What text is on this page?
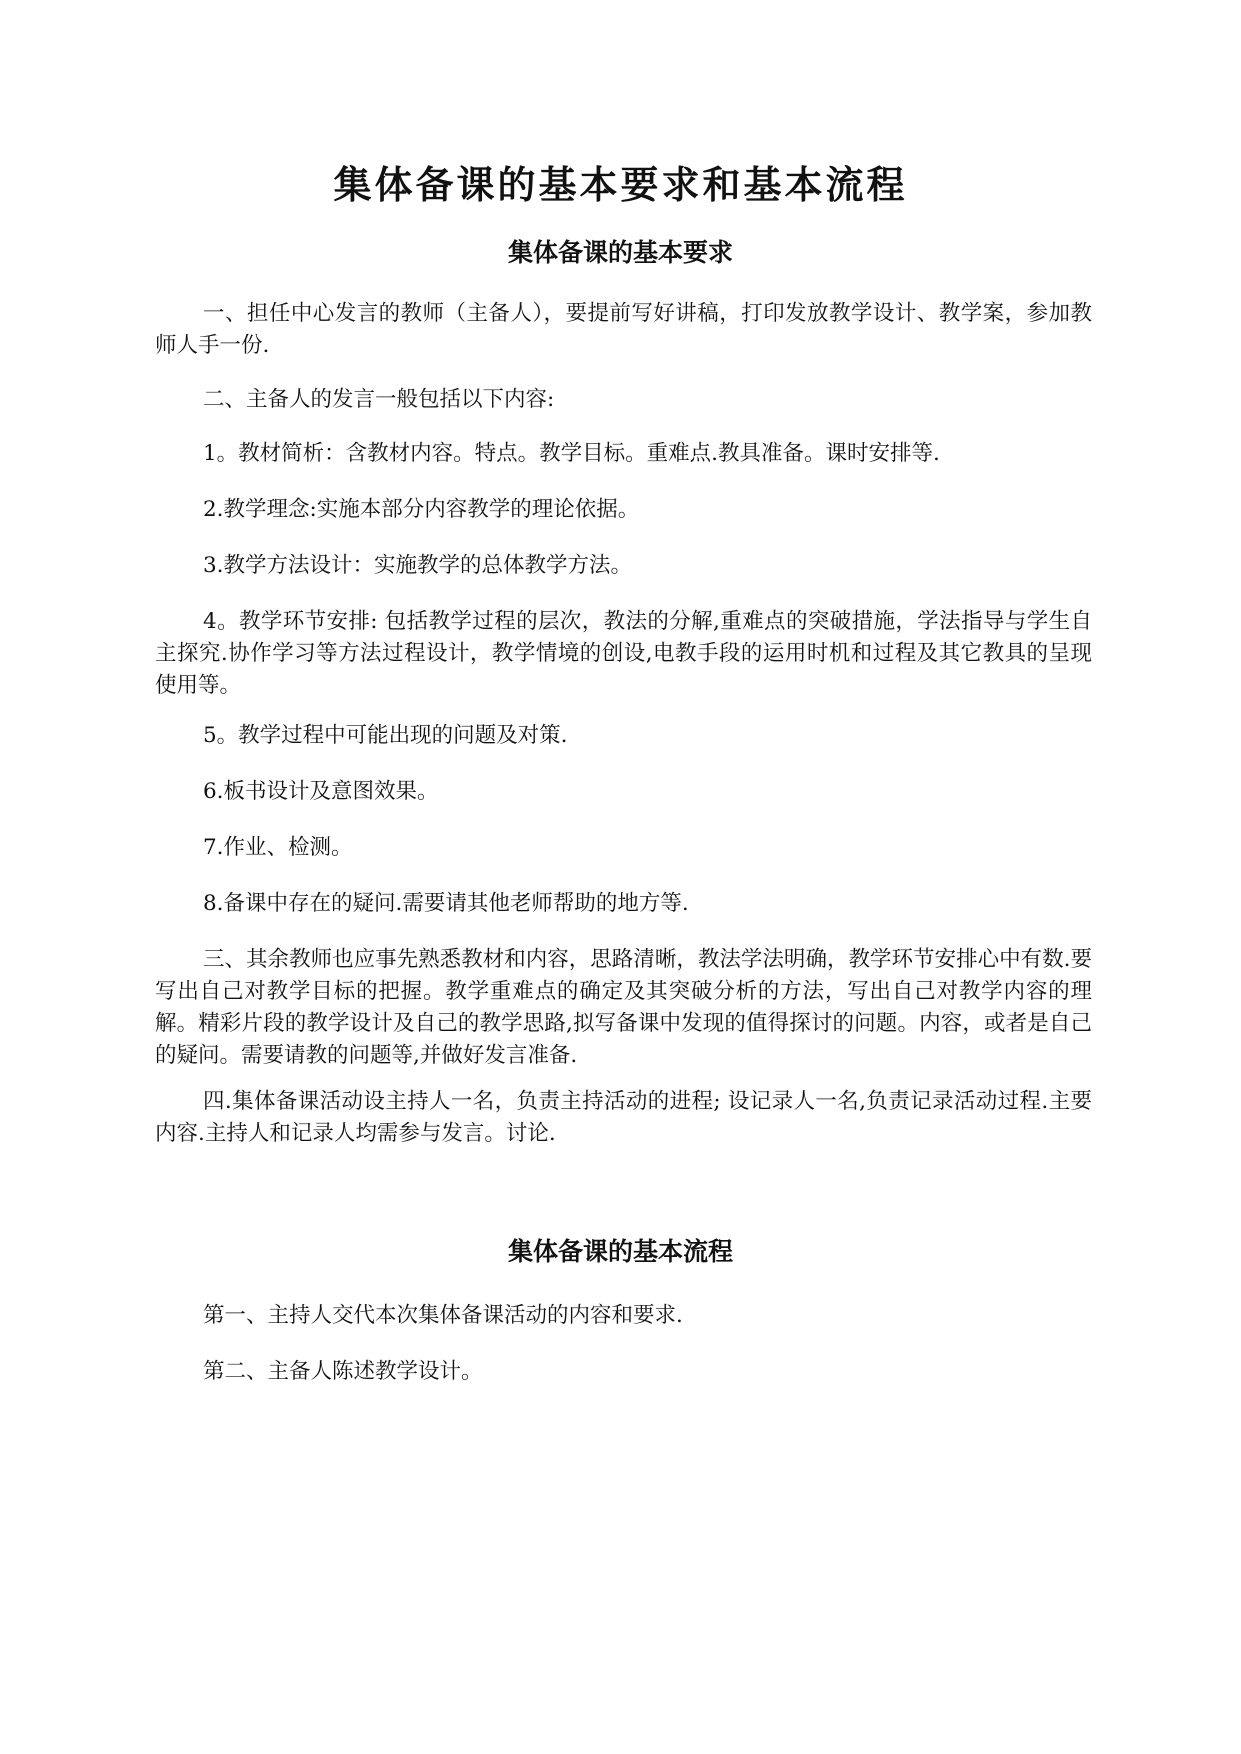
集体备课的基本要求和基本流程
集体备课的基本要求

一、担任中心发言的教师（主备人），要提前写好讲稿，打印发放教学设计、教学案，参加教师人手一份.

二、主备人的发言一般包括以下内容:

1。教材简析：含教材内容。特点。教学目标。重难点.教具准备。课时安排等.

2.教学理念:实施本部分内容教学的理论依据。

3.教学方法设计：实施教学的总体教学方法。

4。教学环节安排: 包括教学过程的层次，教法的分解,重难点的突破措施，学法指导与学生自主探究.协作学习等方法过程设计，教学情境的创设,电教手段的运用时机和过程及其它教具的呈现使用等。

5。教学过程中可能出现的问题及对策.

6.板书设计及意图效果。

7.作业、检测。

8.备课中存在的疑问.需要请其他老师帮助的地方等.

三、其余教师也应事先熟悉教材和内容，思路清晰，教法学法明确，教学环节安排心中有数.要写出自己对教学目标的把握。教学重难点的确定及其突破分析的方法，写出自己对教学内容的理解。精彩片段的教学设计及自己的教学思路,拟写备课中发现的值得探讨的问题。内容，或者是自己的疑问。需要请教的问题等,并做好发言准备.

四.集体备课活动设主持人一名，负责主持活动的进程; 设记录人一名,负责记录活动过程.主要内容.主持人和记录人均需参与发言。讨论.

集体备课的基本流程

第一、主持人交代本次集体备课活动的内容和要求.

第二、主备人陈述教学设计。
